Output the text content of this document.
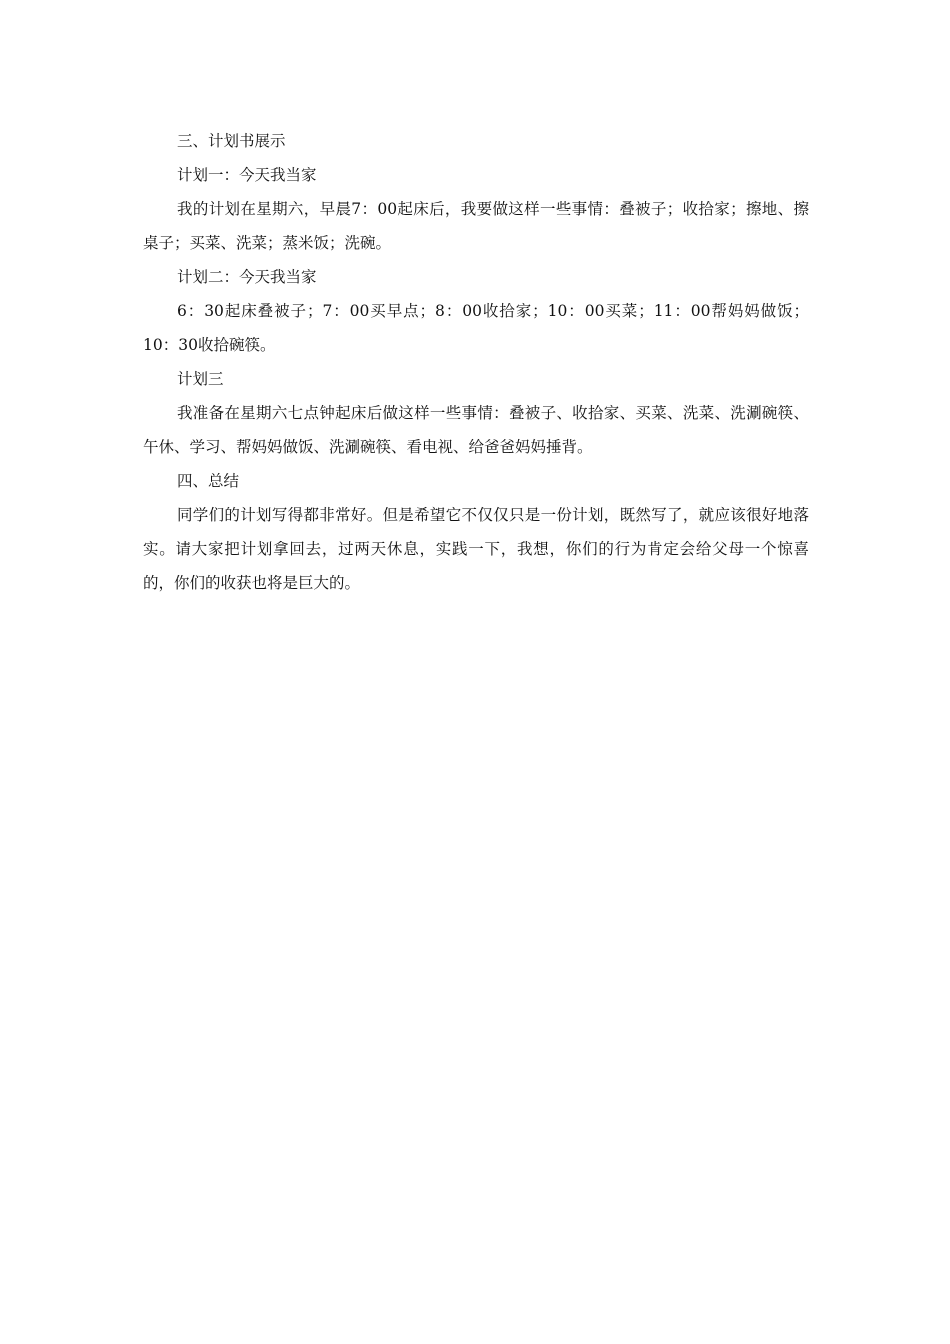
三、计划书展示

计划一：今天我当家

我的计划在星期六，早晨7：00起床后，我要做这样一些事情：叠被子；收拾家；擦地、擦桌子；买菜、洗菜；蒸米饭；洗碗。

计划二：今天我当家

6：30起床叠被子；7：00买早点；8：00收拾家；10：00买菜；11：00帮妈妈做饭；10：30收拾碗筷。

计划三

我准备在星期六七点钟起床后做这样一些事情：叠被子、收拾家、买菜、洗菜、洗涮碗筷、午休、学习、帮妈妈做饭、洗涮碗筷、看电视、给爸爸妈妈捶背。

四、总结

同学们的计划写得都非常好。但是希望它不仅仅只是一份计划，既然写了，就应该很好地落实。请大家把计划拿回去，过两天休息，实践一下，我想，你们的行为肯定会给父母一个惊喜的，你们的收获也将是巨大的。
